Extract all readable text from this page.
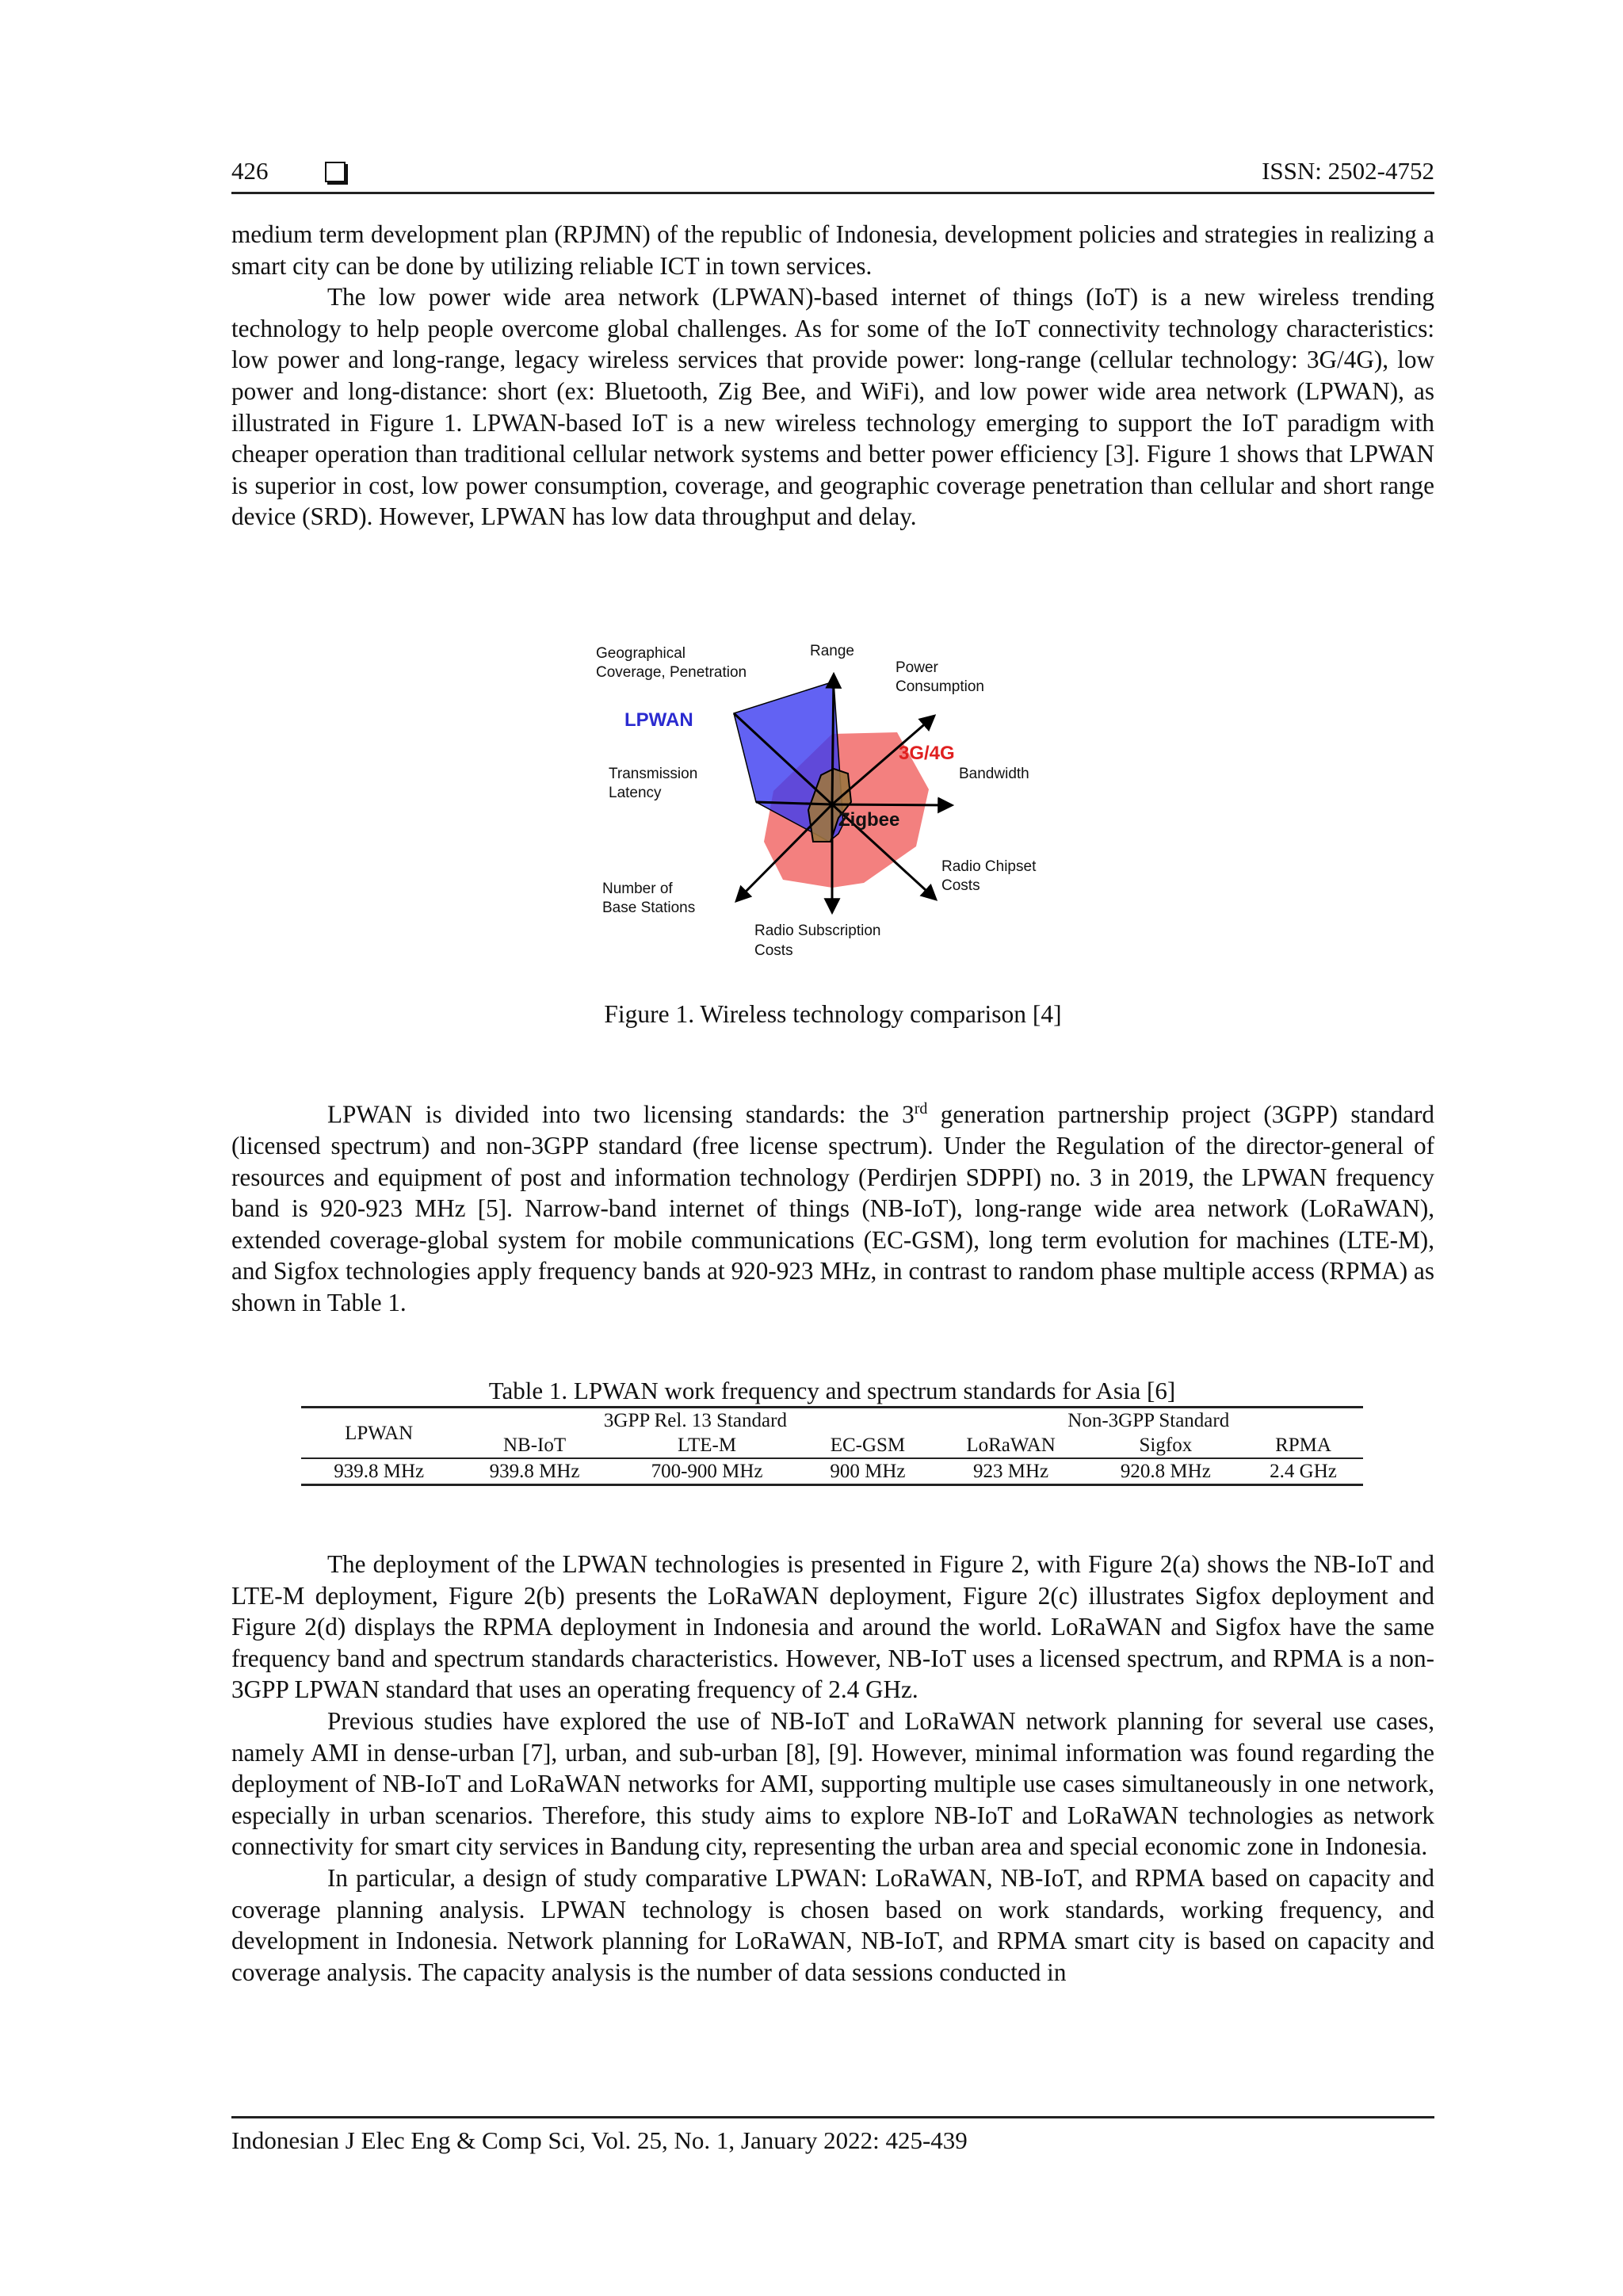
426	ISSN: 2502-4752

medium term development plan (RPJMN) of the republic of Indonesia, development policies and strategies in realizing a smart city can be done by utilizing reliable ICT in town services.

The low power wide area network (LPWAN)-based internet of things (IoT) is a new wireless trending technology to help people overcome global challenges. As for some of the IoT connectivity technology characteristics: low power and long-range, legacy wireless services that provide power: long-range (cellular technology: 3G/4G), low power and long-distance: short (ex: Bluetooth, Zig Bee, and WiFi), and low power wide area network (LPWAN), as illustrated in Figure 1. LPWAN-based IoT is a new wireless technology emerging to support the IoT paradigm with cheaper operation than traditional cellular network systems and better power efficiency [3]. Figure 1 shows that LPWAN is superior in cost, low power consumption, coverage, and geographic coverage penetration than cellular and short range device (SRD). However, LPWAN has low data throughput and delay.

Range
Power
Consumption
Bandwidth
Radio Chipset
Costs
Radio Subscription
Costs
Number of
Base Stations
Transmission
Latency
Geographical
Coverage, Penetration
LPWAN
3G/4G
Zigbee
Figure 1. Wireless technology comparison [4]

LPWAN is divided into two licensing standards: the 3rd generation partnership project (3GPP) standard (licensed spectrum) and non-3GPP standard (free license spectrum). Under the Regulation of the director-general of resources and equipment of post and information technology (Perdirjen SDPPI) no. 3 in 2019, the LPWAN frequency band is 920-923 MHz [5]. Narrow-band internet of things (NB-IoT), long-range wide area network (LoRaWAN), extended coverage-global system for mobile communications (EC-GSM), long term evolution for machines (LTE-M), and Sigfox technologies apply frequency bands at 920-923 MHz, in contrast to random phase multiple access (RPMA) as shown in Table 1.

Table 1. LPWAN work frequency and spectrum standards for Asia [6]
LPWAN	3GPP Rel. 13 Standard			Non-3GPP Standard		
	NB-IoT	LTE-M	EC-GSM	LoRaWAN	Sigfox	RPMA
939.8 MHz	939.8 MHz	700-900 MHz	900 MHz	923 MHz	920.8 MHz	2.4 GHz

The deployment of the LPWAN technologies is presented in Figure 2, with Figure 2(a) shows the NB-IoT and LTE-M deployment, Figure 2(b) presents the LoRaWAN deployment, Figure 2(c) illustrates Sigfox deployment and Figure 2(d) displays the RPMA deployment in Indonesia and around the world. LoRaWAN and Sigfox have the same frequency band and spectrum standards characteristics. However, NB-IoT uses a licensed spectrum, and RPMA is a non-3GPP LPWAN standard that uses an operating frequency of 2.4 GHz.

Previous studies have explored the use of NB-IoT and LoRaWAN network planning for several use cases, namely AMI in dense-urban [7], urban, and sub-urban [8], [9]. However, minimal information was found regarding the deployment of NB-IoT and LoRaWAN networks for AMI, supporting multiple use cases simultaneously in one network, especially in urban scenarios. Therefore, this study aims to explore NB-IoT and LoRaWAN technologies as network connectivity for smart city services in Bandung city, representing the urban area and special economic zone in Indonesia.

In particular, a design of study comparative LPWAN: LoRaWAN, NB-IoT, and RPMA based on capacity and coverage planning analysis. LPWAN technology is chosen based on work standards, working frequency, and development in Indonesia. Network planning for LoRaWAN, NB-IoT, and RPMA smart city is based on capacity and coverage analysis. The capacity analysis is the number of data sessions conducted in

Indonesian J Elec Eng & Comp Sci, Vol. 25, No. 1, January 2022: 425-439
